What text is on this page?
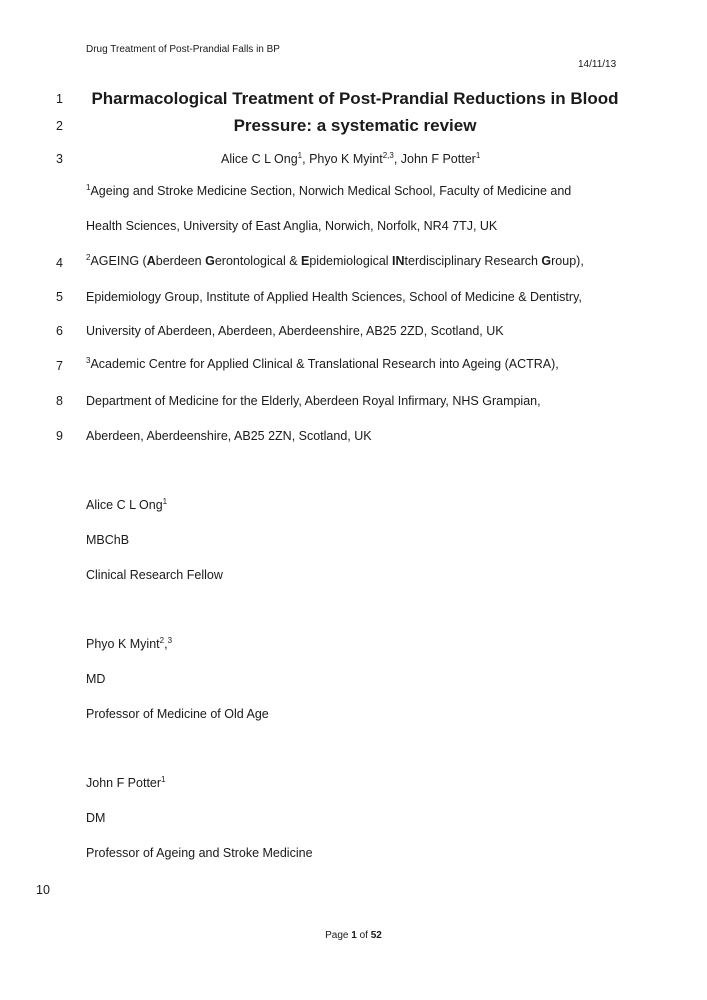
Drug Treatment of Post-Prandial Falls in BP
14/11/13
1
2
3
4
5
6
7
8
9
10
Pharmacological Treatment of Post-Prandial Reductions in Blood
Pressure: a systematic review
Alice C L Ong$^1$, Phyo K Myint$^{2,3}$, John F Potter$^1$
$^1$Ageing and Stroke Medicine Section, Norwich Medical School, Faculty of Medicine and
Health Sciences, University of East Anglia, Norwich, Norfolk, NR4 7TJ, UK
$^2$AGEING (Aberdeen Gerontological & Epidemiological INterdisciplinary Research Group),
Epidemiology Group, Institute of Applied Health Sciences, School of Medicine & Dentistry,
University of Aberdeen, Aberdeen, Aberdeenshire, AB25 2ZD, Scotland, UK
$^3$Academic Centre for Applied Clinical & Translational Research into Ageing (ACTRA),
Department of Medicine for the Elderly, Aberdeen Royal Infirmary, NHS Grampian,
Aberdeen, Aberdeenshire, AB25 2ZN, Scotland, UK
Alice C L Ong$^1$
MBChB
Clinical Research Fellow
Phyo K Myint$^2$,$^3$
MD
Professor of Medicine of Old Age
John F Potter$^1$
DM
Professor of Ageing and Stroke Medicine
Page 1 of 52
